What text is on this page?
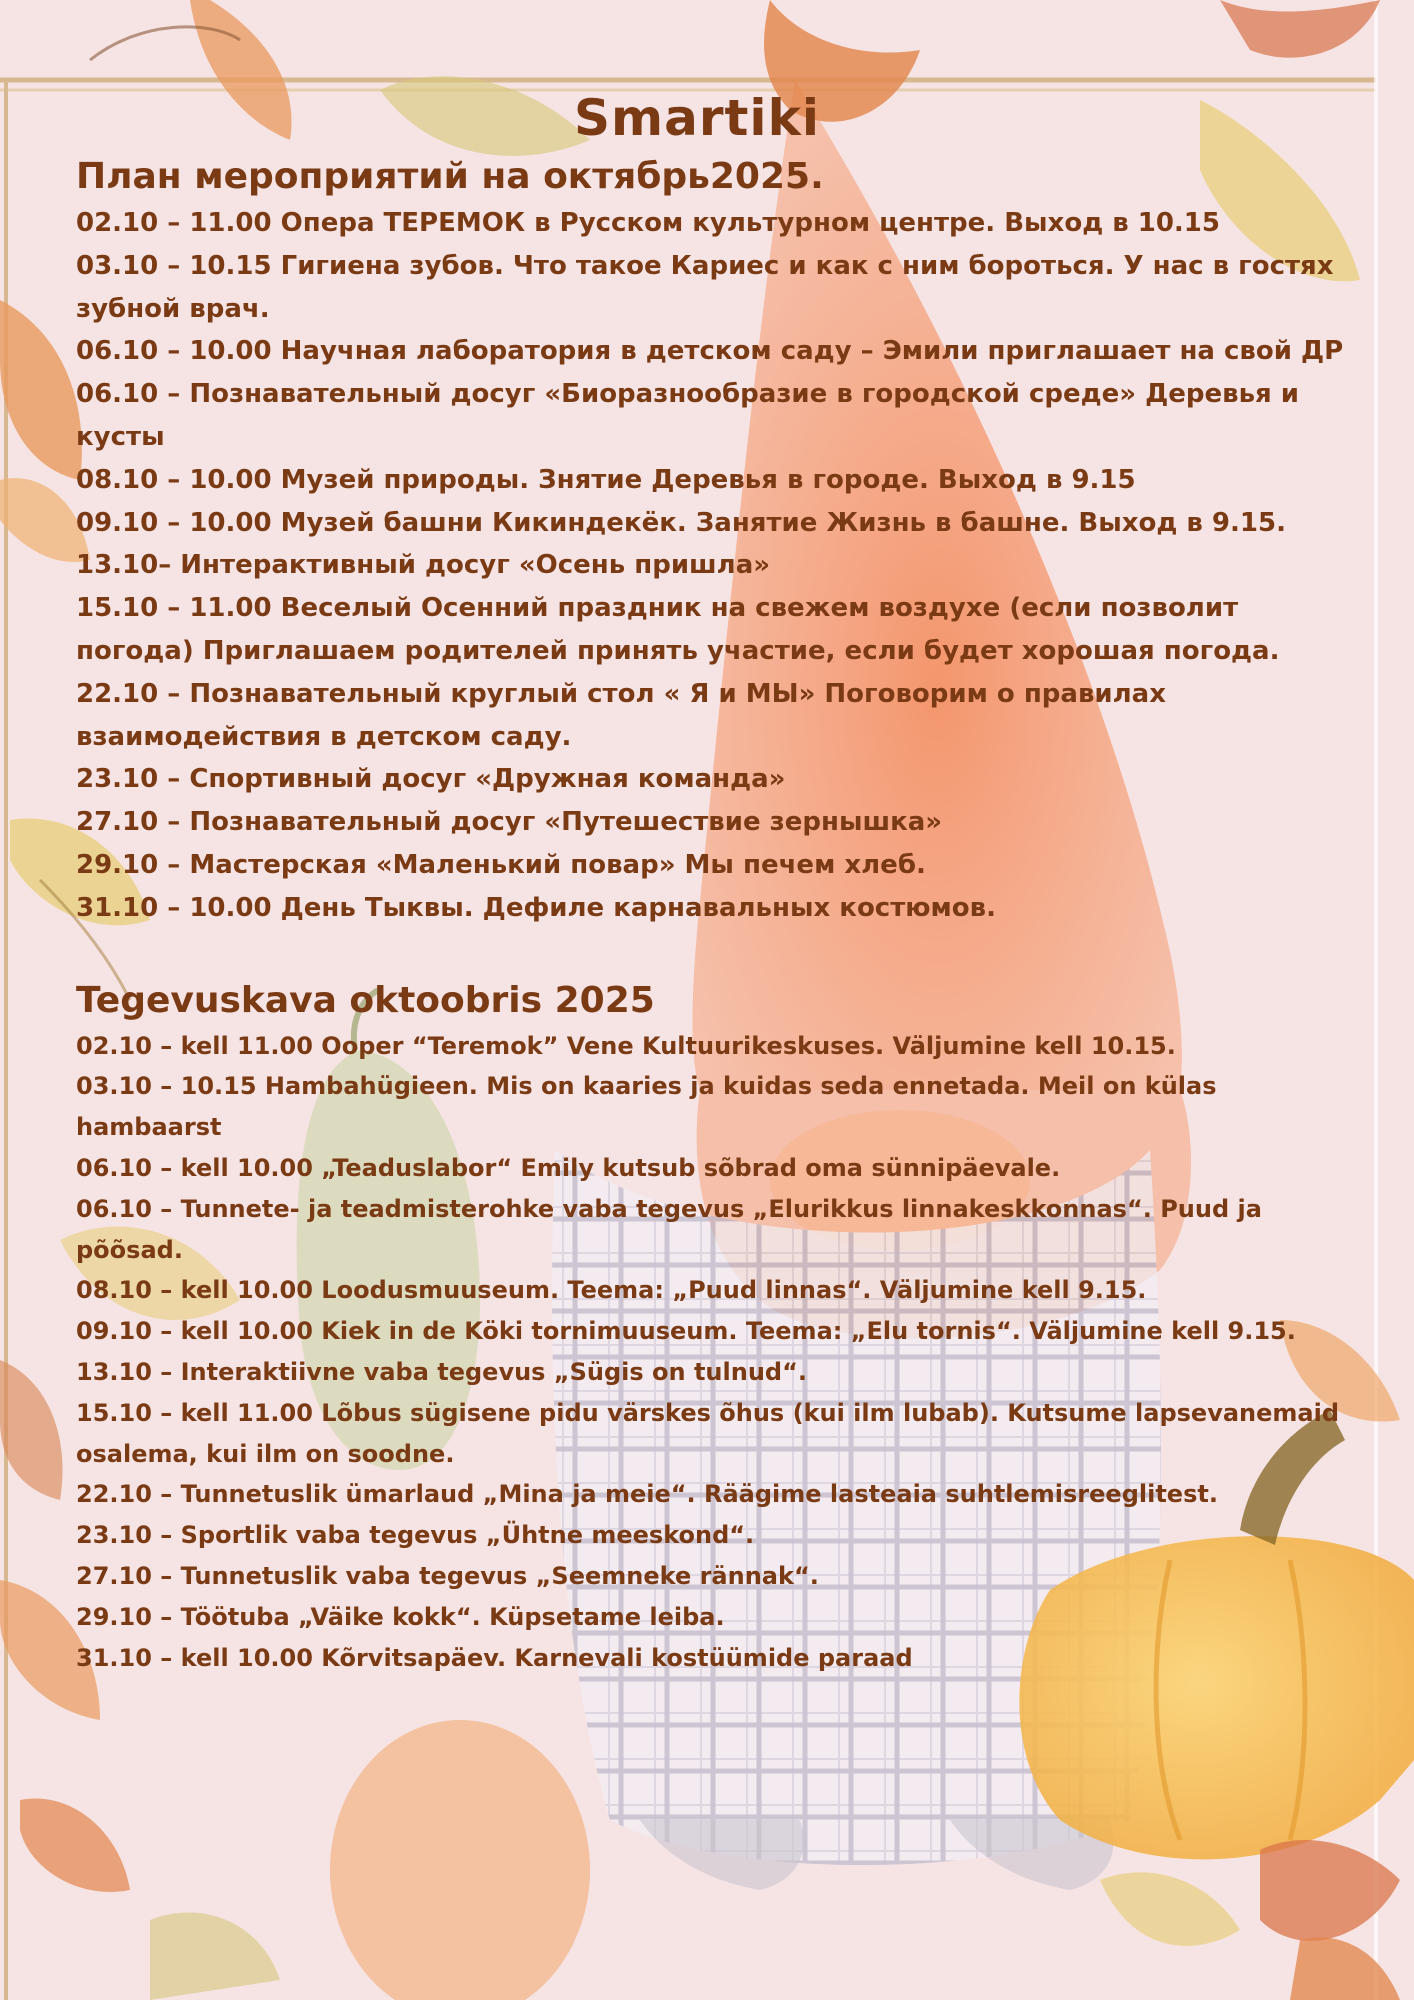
Smartiki
План мероприятий на октябрь2025.
02.10 – 11.00 Опера ТЕРЕМОК в Русском культурном центре. Выход в 10.15
03.10 – 10.15 Гигиена зубов. Что такое Кариес и как с ним бороться. У нас в гостях зубной врач.
06.10 – 10.00 Научная лаборатория в детском саду – Эмили приглашает на свой ДР
06.10 – Познавательный досуг «Биоразнообразие в городской среде» Деревья и кусты
08.10 – 10.00 Музей природы. Знятие Деревья в городе. Выход в 9.15
09.10 – 10.00 Музей башни Кикиндекёк. Занятие Жизнь в башне. Выход в 9.15.
13.10– Интерактивный досуг «Осень пришла»
15.10 – 11.00 Веселый Осенний праздник на свежем воздухе (если позволит погода) Приглашаем родителей принять участие, если будет хорошая погода.
22.10 – Познавательный круглый стол « Я и МЫ» Поговорим о правилах взаимодействия в детском саду.
23.10 – Спортивный досуг «Дружная команда»
27.10 – Познавательный досуг «Путешествие зернышка»
29.10 – Мастерская «Маленький повар» Мы печем хлеб.
31.10 – 10.00 День Тыквы. Дефиле карнавальных костюмов.
Tegevuskava oktoobris 2025
02.10 – kell 11.00 Ooper “Teremok” Vene Kultuurikeskuses. Väljumine kell 10.15.
03.10 – 10.15 Hambahügieen. Mis on kaaries ja kuidas seda ennetada. Meil on külas hambaarst
06.10 – kell 10.00 „Teaduslabor“ Emily kutsub sõbrad oma sünnipäevale.
06.10 – Tunnete- ja teadmisterohke vaba tegevus „Elurikkus linnakeskkonnas“. Puud ja põõsad.
08.10 – kell 10.00 Loodusmuuseum. Teema: „Puud linnas“. Väljumine kell 9.15.
09.10 – kell 10.00 Kiek in de Köki tornimuuseum. Teema: „Elu tornis“. Väljumine kell 9.15.
13.10 – Interaktiivne vaba tegevus „Sügis on tulnud“.
15.10 – kell 11.00 Lõbus sügisene pidu värskes õhus (kui ilm lubab). Kutsume lapsevanemaid osalema, kui ilm on soodne.
22.10 – Tunnetuslik ümarlaud „Mina ja meie“. Räägime lasteaia suhtlemisreeglitest.
23.10 – Sportlik vaba tegevus „Ühtne meeskond“.
27.10 – Tunnetuslik vaba tegevus „Seemneke rännak“.
29.10 – Töötuba „Väike kokk“. Küpsetame leiba.
31.10 – kell 10.00 Kõrvitsapäev. Karnevali kostüümide paraad
